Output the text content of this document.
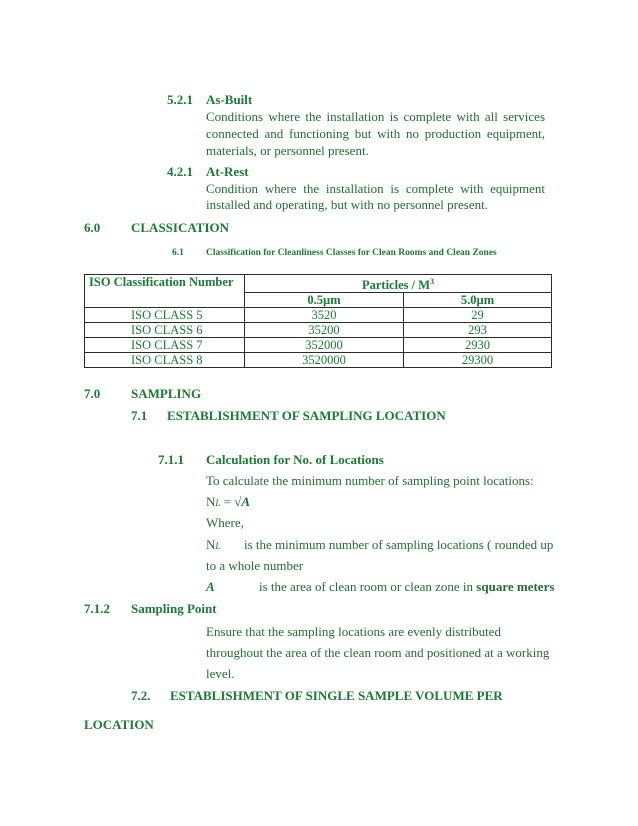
5.2.1 As-Built
Conditions where the installation is complete with all services
connected and functioning but with no production equipment,
materials, or personnel present.
4.2.1 At-Rest
Condition where the installation is complete with equipment
installed and operating, but with no personnel present.
6.0 CLASSICATION
6.1 Classification for Cleanliness Classes for Clean Rooms and Clean Zones
ISO Classification Number	Particles / $M^3$
	0.5µm	5.0µm
ISO CLASS 5	3520	29
ISO CLASS 6	35200	293
ISO CLASS 7	352000	2930
ISO CLASS 8	3520000	29300
7.0 SAMPLING
7.1 ESTABLISHMENT OF SAMPLING LOCATION
7.1.1 Calculation for No. of Locations
To calculate the minimum number of sampling point locations:
NL = √A
Where,
NL is the minimum number of sampling locations ( rounded up
to a whole number
A	is the area of clean room or clean zone in square meters
7.1.2 Sampling Point
Ensure that the sampling locations are evenly distributed
throughout the area of the clean room and positioned at a working
level.
7.2. ESTABLISHMENT OF SINGLE SAMPLE VOLUME PER
LOCATION
